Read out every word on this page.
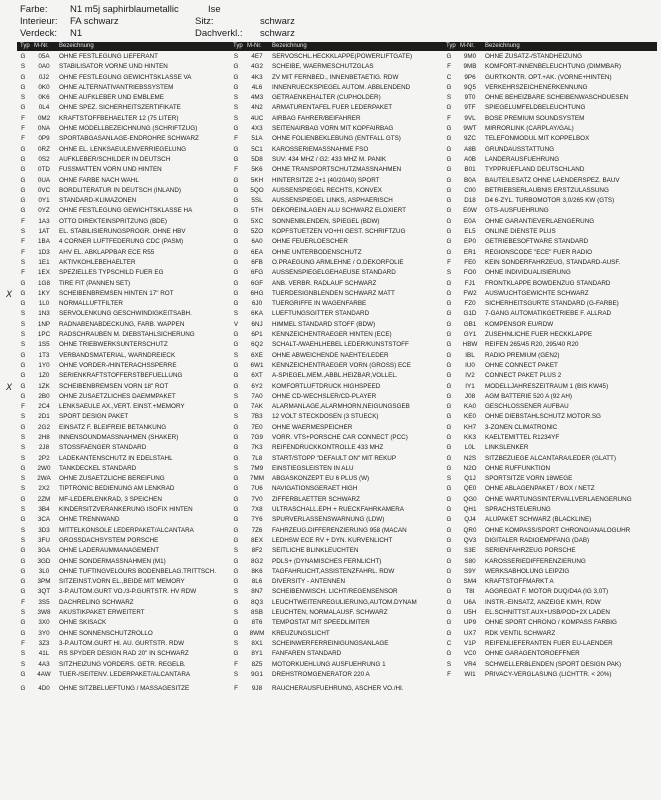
Farbe: N1 m5j saphirblaumetallic	Ise
Interieur: FA schwarz	Sitz:	schwarz
Verdeck: N1	Dachverkl.: schwarz
Typ M-Nr. Bezeichnung	Typ M-Nr. Bezeichnung	Typ M-Nr. Bezeichnung
G	05A	OHNE FESTLEGUNG LIEFERANT
S	0A0	STABILISATOR VORNE UND HINTEN
G	0J2	OHNE FESTLEGUNG GEWICHTSKLASSE VA
G	0K0	OHNE ALTERNATIVANTRIEBSSYSTEM
S	0K6	OHNE AUFKLEBER UND EMBLEME
G	0L4	OHNE SPEZ. SICHERHEITSZERTIFIKATE
F	0M2	KRAFTSTOFFBEHAELTER 12 (75 LITER)
F	0NA	OHNE MODELLBEZEICHNUNG (SCHRIFTZUG)
F	0P9	SPORTABGASANLAGE-ENDROHRE SCHWARZ
G	0RZ	OHNE EL. LENKSAEULENVERRIEGELUNG
G	0S2	AUFKLEBER/SCHILDER IN DEUTSCH
G	0TD	FUSSMATTEN VORN UND HINTEN
G	0UA	OHNE FARBE NACH WAHL
G	0VC	BORDLITERATUR IN DEUTSCH (INLAND)
G	0Y1	STANDARD-KLIMAZONEN
G	0YZ	OHNE FESTLEGUNG GEWICHTSKLASSE HA
F	1A3	OTTO DIREKTEINSPRITZUNG (BDE)
S	1AT	EL. STABILISIERUNGSPROGR. OHNE HBV
F	1BA	4 CORNER LUFTFEDERUNG CDC (PASM)
F	1D3	AHV EL. ABKLAPPBAR ECE R55
S	1E1	AKTIVKOHLEBEHAELTER
F	1EX	SPEZIELLES TYPSCHILD FUER EG
G	1G8	TIRE FIT (PANNEN SET)
G	1KY	SCHEIBENBREMSEN HINTEN 17" ROT
X
G	1L0	NORMALLUFTFILTER
S	1N3	SERVOLENKUNG GESCHWINDIGKEITSABH.
S	1NP	RADNABENABDECKUNG, FARB. WAPPEN
S	1PC	RADSCHRAUBEN M. DIEBSTAHLSICHERUNG
S	1S5	OHNE TRIEBWERKSUNTERSCHUTZ
G	1T3	VERBANDSMATERIAL, WARNDREIECK
G	1Y0	OHNE VORDER-/HINTERACHSSPERRE
G	1Z0	SERIENKRAFTSTOFFERSTBEFUELLUNG
G	1ZK	SCHEIBENBREMSEN VORN 18" ROT
X
G	2B0	OHNE ZUSAETZLICHES DAEMMPAKET
F	2C4	LENKSAEULE AX.,VERT. EINST.+MEMORY
S	2D1	SPORT DESIGN PAKET
G	2G2	EINSATZ F. BLEIFREIE BETANKUNG
S	2H8	INNENSOUNDMASSNAHMEN (SHAKER)
S	2J8	STOSSFAENGER STANDARD
S	2P2	LADEKANTENSCHUTZ IN EDELSTAHL
G	2W0	TANKDECKEL STANDARD
S	2WA	OHNE ZUSAETZLICHE BEREIFUNG
S	2X2	TIPTRONIC BEDIENUNG AM LENKRAD
G	2ZM	MF-LEDERLENKRAD, 3 SPEICHEN
S	3B4	KINDERSITZVERANKERUNG ISOFIX HINTEN
G	3CA	OHNE TRENNWAND
S	3D3	MITTELKONSOLE LEDERPAKET/ALCANTARA
S	3FU	GROSSDACHSYSTEM PORSCHE
G	3GA	OHNE LADERAUMMANAGEMENT
G	3GD	OHNE SONDERMASSNAHMEN (M1)
G	3L0	OHNE TUFTINGVELOURS BODENBELAG.TRITTSCH.
G	3PM	SITZEINST.VORN EL.,BEIDE MIT MEMORY
G	3QT	3-P.AUTOM.GURT VO./3-P.GURTSTR. HV RDW
F	3S5	DACHRELING SCHWARZ
S	3W8	AKUSTIKPAKET ERWEITERT
G	3X0	OHNE SKISACK
G	3Y0	OHNE SONNENSCHUTZROLLO
F	3Z3	3-P.AUTOM.GURT HI. AU. GURTSTR. RDW
S	41L	RS SPYDER DESIGN RAD 20" IN SCHWARZ
S	4A3	SITZHEIZUNG VORDERS. GETR. REGELB.
G	4AW	TUER-/SEITENV. LEDERPAKET/ALCANTARA
S	4E7	SERVOSCHL.HECKKLAPPE(POWERLIFTGATE)
G	4G2	SCHEIBE, WAERMESCHUTZGLAS
G	4K3	ZV MIT FERNBED., INNENBETAETIG. RDW
G	4L6	INNENRUECKSPIEGEL AUTOM. ABBLENDEND
S	4M3	GETRAENKEHALTER (CUPHOLDER)
S	4N2	ARMATURENTAFEL FUER LEDERPAKET
S	4UC	AIRBAG FAHRER/BEIFAHRER
G	4X3	SEITENAIRBAG VORN MIT KOPFAIRBAG
F	51A	OHNE FOLIENBEKLEBUNG (ENTFALL GTS)
G	5C1	KAROSSERIEMASSNAHME FSO
G	5D8	SUV: 434 MHZ / G2: 433 MHZ M. PANIK
F	5K6	OHNE TRANSPORTSCHUTZMASSNAHMEN
G	5KH	HINTERSITZE 2+1 (40/20/40) SPORT
G	5QO	AUSSENSPIEGEL RECHTS, KONVEX
G	5SL	AUSSENSPIEGEL LINKS, ASPHAERISCH
G	5TH	DEKOREINLAGEN ALU SCHWARZ ELOXIERT
G	5XC	SONNENBLENDEN, SPIEGEL (BDW)
G	5ZO	KOPFSTUETZEN VO+HI GEST. SCHRIFTZUG
G	6A0	OHNE FEUERLOESCHER
G	6EA	OHNE UNTERBODENSCHUTZ
G	6FB	O.PRAEGUNG ARMLEHNE / O.DEKORFOLIE
G	6FG	AUSSENSPIEGELGEHAEUSE STANDARD
G	6GF	ANB. VERBR. RADLAUF SCHWARZ
G	6HG	TUERDESIGNBLENDEN SCHWARZ MATT
G	6J0	TUERGRIFFE IN WAGENFARBE
S	6KA	LUEFTUNGSGITTER STANDARD
V	6NJ	HIMMEL STANDARD STOFF (BDW)
G	6P1	KENNZEICHENTRAEGER HINTEN (ECE)
G	6Q2	SCHALT-/WAEHLHEBEL LEDER/KUNSTSTOFF
S	6XE	OHNE ABWEICHENDE NAEHTE/LEDER
G	6W1	KENNZEICHENTRAEGER VORN (GROSS) ECE
G	6XT	A-SPIEGEL,MEM.,ABBL.HEIZBAR,VOLLEL.
G	6Y2	KOMFORTLUFTDRUCK HIGHSPEED
S	7A0	OHNE CD-WECHSLER/CD-PLAYER
G	7AK	ALARMANLAGE,ALARMHORN,NEIGUNGSGEB
S	7B3	12 VOLT STECKDOSEN (3 STUECK)
G	7E0	OHNE WAERMESPEICHER
G	7G9	VORR. VTS+PORSCHE CAR CONNECT (PCC)
G	7K3	REIFENDRUCKKONTROLLE 433 MHZ
G	7L8	START/STOPP "DEFAULT ON" MIT REKUP
S	7M9	EINSTIEGSLEISTEN IN ALU
G	7MM	ABGASKONZEPT EU 6 PLUS (W)
G	7U6	NAVIGATIONSGERAET HIGH
G	7V0	ZIFFERBLAETTER SCHWARZ
G	7X8	ULTRASCHALL.EPH + RUECKFAHRKAMERA
G	7Y6	SPURVERLASSENSWARNUNG (LDW)
G	7Z6	FAHRZEUG.DIFFERENZIERUNG 958 (MACAN
G	8EX	LEDHSW ECE RV + DYN. KURVENLICHT
S	8F2	SEITLICHE BLINKLEUCHTEN
G	8G2	PDLS+ (DYNAMISCHES FERNLICHT)
G	8K6	TAGFAHRLICHT,ASSISTENZFAHRL. RDW
G	8L6	DIVERSITY - ANTENNEN
S	8N7	SCHEIBENWISCH. LICHT/REGENSENSOR
G	8Q3	LEUCHTWEITENREGULIERUNG,AUTOM.DYNAM
S	8SB	LEUCHTEN, NORMALAUSF. SCHWARZ
G	8T6	TEMPOSTAT MIT SPEEDLIMITER
G	8WM	KREUZUNGSLICHT
S	8X1	SCHEINWERFERREINIGUNGSANLAGE
G	8Y1	FANFAREN STANDARD
F	8Z5	MOTORKUEHLUNG AUSFUEHRUNG 1
S	9G1	DREHSTROMGENERATOR 220 A
G	9M0	OHNE ZUSATZ-/STANDHEIZUNG
F	9MB	KOMFORT-INNENBELEUCHTUNG (DIMMBAR)
C	9P6	GURTKONTR. OPT.+AK. (VORNE+HINTEN)
G	9Q5	VERKEHRSZEICHENERKENNUNG
S	9T0	OHNE BEHEIZBARE SCHEIBENWASCHDUESEN
G	9TF	SPIEGELUMFELDBELEUCHTUNG
F	9VL	BOSE PREMIUM SOUNDSYSTEM
G	9WT	MIRRORLINK (CARPLAY/GAL)
G	9ZC	TELEFONMODUL MIT KOPPELBOX
G	A8B	GRUNDAUSSTATTUNG
G	A0B	LANDERAUSFUEHRUNG
G	B01	TYPPRUEFLAND DEUTSCHLAND
G	B0A	BAUTEILESATZ OHNE LAENDERSPEZ. BAUV
G	C00	BETRIEBSERLAUBNIS ERSTZULASSUNG
G	D18	D4 6-ZYL. TURBOMOTOR 3,0/265 KW (GTS)
G	E0W	GTS-AUSFUEHRUNG
G	E0A	OHNE GARANTIEVERLAENGERUNG
G	EL5	ONLINE DIENSTE PLUS
G	EP0	GETRIEBESOFTWARE STANDARD
G	ER1	REGIONSCODE "ECE" FUER RADIO
F	FE0	KEIN SONDERFAHRZEUG, STANDARD-AUSF.
S	FO0	OHNE INDIVIDUALISIERUNG
G	FJ1	FRONTKLAPPE BOWDENZUG STANDARD
G	FW2	AUSWUCHTGEWICHTE SCHWARZ
G	FZ0	SICHERHEITSGURTE STANDARD (G-FARBE)
G	G1D	7-GANG AUTOMATIKGETRIEBE F. ALLRAD
G	GB1	KOMPENSOR EU/RDW
G	GY1	ZUSEHNLICHE FUER HECKKLAPPE
G	HBW	REIFEN 265/45 R20, 295/40 R20
G	IBL	RADIO PREMIUM (GEN2)
G	IU0	OHNE CONNECT PAKET
G	IV2	CONNECT PAKET PLUS 2
G	IY1	MODELLJAHRESZEITRAUM 1 (BIS KW45)
G	J08	AGM BATTERIE 520 A (92 AH)
G	KA0	GESCHLOSSENER AUFBAU
G	KE0	OHNE DIEBSTAHLSCHUTZ MOTOR.SG
G	KH7	3-ZONEN CLIMATRONIC
G	KK3	KAELTEMITTEL R1234YF
G	L0L	LINKSLENKER
G	N2S	SITZBEZUEGE ALCANTARA/LEDER (GLATT)
G	N2O	OHNE RUFFUNKTION
S	Q1J	SPORTSITZE VORN 18WEGE
G	QE0	OHNE ABLAGENPAKET / BOX / NETZ
G	QG0	OHNE WARTUNGSINTERVALLVERLAENGERUNG
G	QH1	SPRACHSTEUERUNG
G	QJ4	ALUPAKET SCHWARZ (BLACKLINE)
G	QR0	OHNE KOMPASS/SPORT CHRONO/ANALOGUHR
G	QV3	DIGITALER RADIOEMPFANG (DAB)
G	S3E	SERIENFAHRZEUG PORSCHE
G	S80	KAROSSERIEDIFFERENZIERUNG
G	S9Y	WERKSABHOLUNG LEIPZIG
G	SM4	KRAFTSTOFFMARKT A
G	T8I	AGGREGAT F. MOTOR DUQ/D4A (IG 3,0T)
G	U6A	INSTR.-EINSATZ, ANZEIGE KM/H, RDW
G	U5H	EL.SCHNITTST.AUX+USB/POD+2X LADEN
G	UP9	OHNE SPORT CHRONO / KOMPASS FARBIG
G	UX7	RDK VENTIL SCHWARZ
C	V1P	REIFENLIEFERANTEN FUER EU-LAENDER
G	VC0	OHNE GARAGENTOROEFFNER
S	VR4	SCHWELLERBLENDEN (SPORT DESIGN PAK)
F	WI1	PRIVACY-VERGLASUNG (LICHTTR. < 20%)
G	4D0	OHNE SITZBELUEFTUNG / MASSAGESITZE	F	9J8	RAUCHERAUSFUEHRUNG, ASCHER VO./HI.
